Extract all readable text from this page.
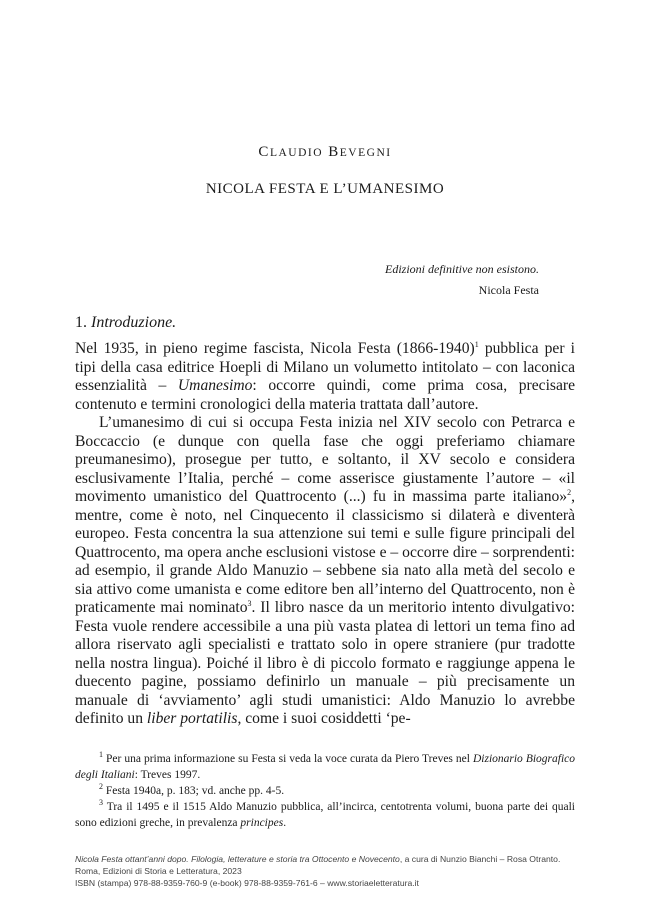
CLAUDIO BEVEGNI
NICOLA FESTA E L’UMANESIMO
Edizioni definitive non esistono.
Nicola Festa
1. Introduzione.

Nel 1935, in pieno regime fascista, Nicola Festa (1866-1940)$^1$ pubblica per i tipi della casa editrice Hoepli di Milano un volumetto intitolato – con laconica essenzialità – Umanesimo: occorre quindi, come prima cosa, precisare contenuto e termini cronologici della materia trattata dall’autore.

L’umanesimo di cui si occupa Festa inizia nel XIV secolo con Petrarca e Boccaccio (e dunque con quella fase che oggi preferiamo chiamare preumanesimo), prosegue per tutto, e soltanto, il XV secolo e considera esclusivamente l’Italia, perché – come asserisce giustamente l’autore – «il movimento umanistico del Quattrocento (...) fu in massima parte italiano»$^2$, mentre, come è noto, nel Cinquecento il classicismo si dilaterà e diventerà europeo. Festa concentra la sua attenzione sui temi e sulle figure principali del Quattrocento, ma opera anche esclusioni vistose e – occorre dire – sorprendenti: ad esempio, il grande Aldo Manuzio – sebbene sia nato alla metà del secolo e sia attivo come umanista e come editore ben all’interno del Quattrocento, non è praticamente mai nominato$^3$. Il libro nasce da un meritorio intento divulgativo: Festa vuole rendere accessibile a una più vasta platea di lettori un tema fino ad allora riservato agli specialisti e trattato solo in opere straniere (pur tradotte nella nostra lingua). Poiché il libro è di piccolo formato e raggiunge appena le duecento pagine, possiamo definirlo un manuale – più precisamente un manuale di ‘avviamento’ agli studi umanistici: Aldo Manuzio lo avrebbe definito un liber portatilis, come i suoi cosiddetti ‘pe-

$^1$ Per una prima informazione su Festa si veda la voce curata da Piero Treves nel Dizionario Biografico degli Italiani: Treves 1997.

$^2$ Festa 1940a, p. 183; vd. anche pp. 4-5.

$^3$ Tra il 1495 e il 1515 Aldo Manuzio pubblica, all’incirca, centotrenta volumi, buona parte dei quali sono edizioni greche, in prevalenza principes.

Nicola Festa ottant’anni dopo. Filologia, letterature e storia tra Ottocento e Novecento, a cura di Nunzio Bianchi – Rosa Otranto.
Roma, Edizioni di Storia e Letteratura, 2023
ISBN (stampa) 978-88-9359-760-9 (e-book) 978-88-9359-761-6 – www.storiaeletteratura.it
